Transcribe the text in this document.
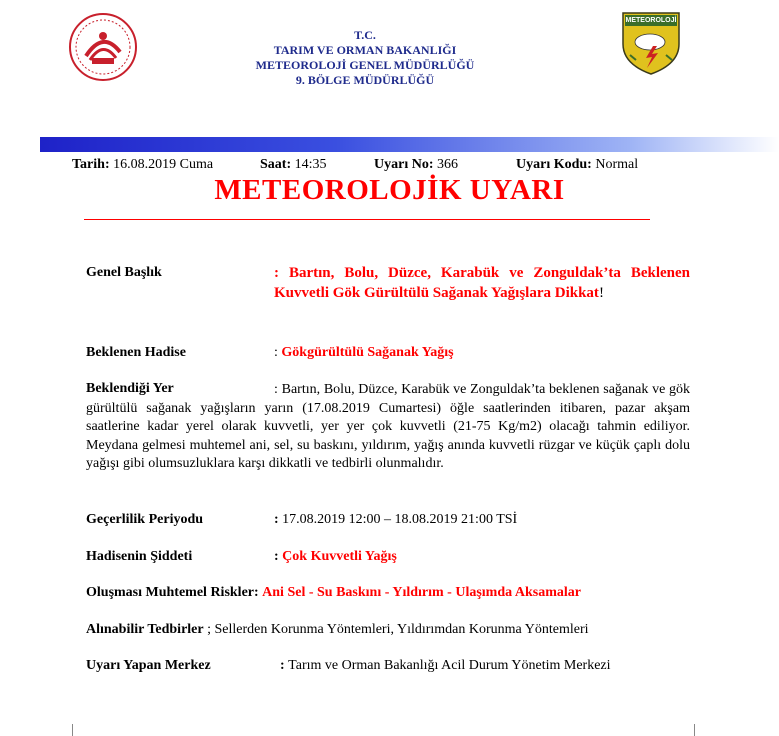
T.C.
TARIM VE ORMAN BAKANLIĞI
METEOROLOJİ GENEL MÜDÜRLÜĞÜ
9. BÖLGE MÜDÜRLÜĞÜ
METEOROLOJİ
Tarih: 16.08.2019 Cuma	Saat: 14:35	Uyarı No: 366	Uyarı Kodu: Normal
METEOROLOJİK UYARI
Genel Başlık	: Bartın, Bolu, Düzce, Karabük ve Zonguldak’ta Beklenen Kuvvetli Gök Gürültülü Sağanak Yağışlara Dikkat!
Beklenen Hadise	: Gökgürültülü Sağanak Yağış
Beklendiği Yer	: Bartın, Bolu, Düzce, Karabük ve Zonguldak’ta beklenen sağanak ve gök gürültülü sağanak yağışların yarın (17.08.2019 Cumartesi) öğle saatlerinden itibaren, pazar akşam saatlerine kadar yerel olarak kuvvetli, yer yer çok kuvvetli (21-75 Kg/m2) olacağı tahmin ediliyor. Meydana gelmesi muhtemel ani, sel, su baskını, yıldırım, yağış anında kuvvetli rüzgar ve küçük çaplı dolu yağışı gibi olumsuzluklara karşı dikkatli ve tedbirli olunmalıdır.
Geçerlilik Periyodu	: 17.08.2019 12:00 – 18.08.2019 21:00 TSİ
Hadisenin Şiddeti	: Çok Kuvvetli Yağış
Oluşması Muhtemel Riskler: Ani Sel - Su Baskını - Yıldırım - Ulaşımda Aksamalar
Alınabilir Tedbirler ; Sellerden Korunma Yöntemleri, Yıldırımdan Korunma Yöntemleri
Uyarı Yapan Merkez	: Tarım ve Orman Bakanlığı Acil Durum Yönetim Merkezi
